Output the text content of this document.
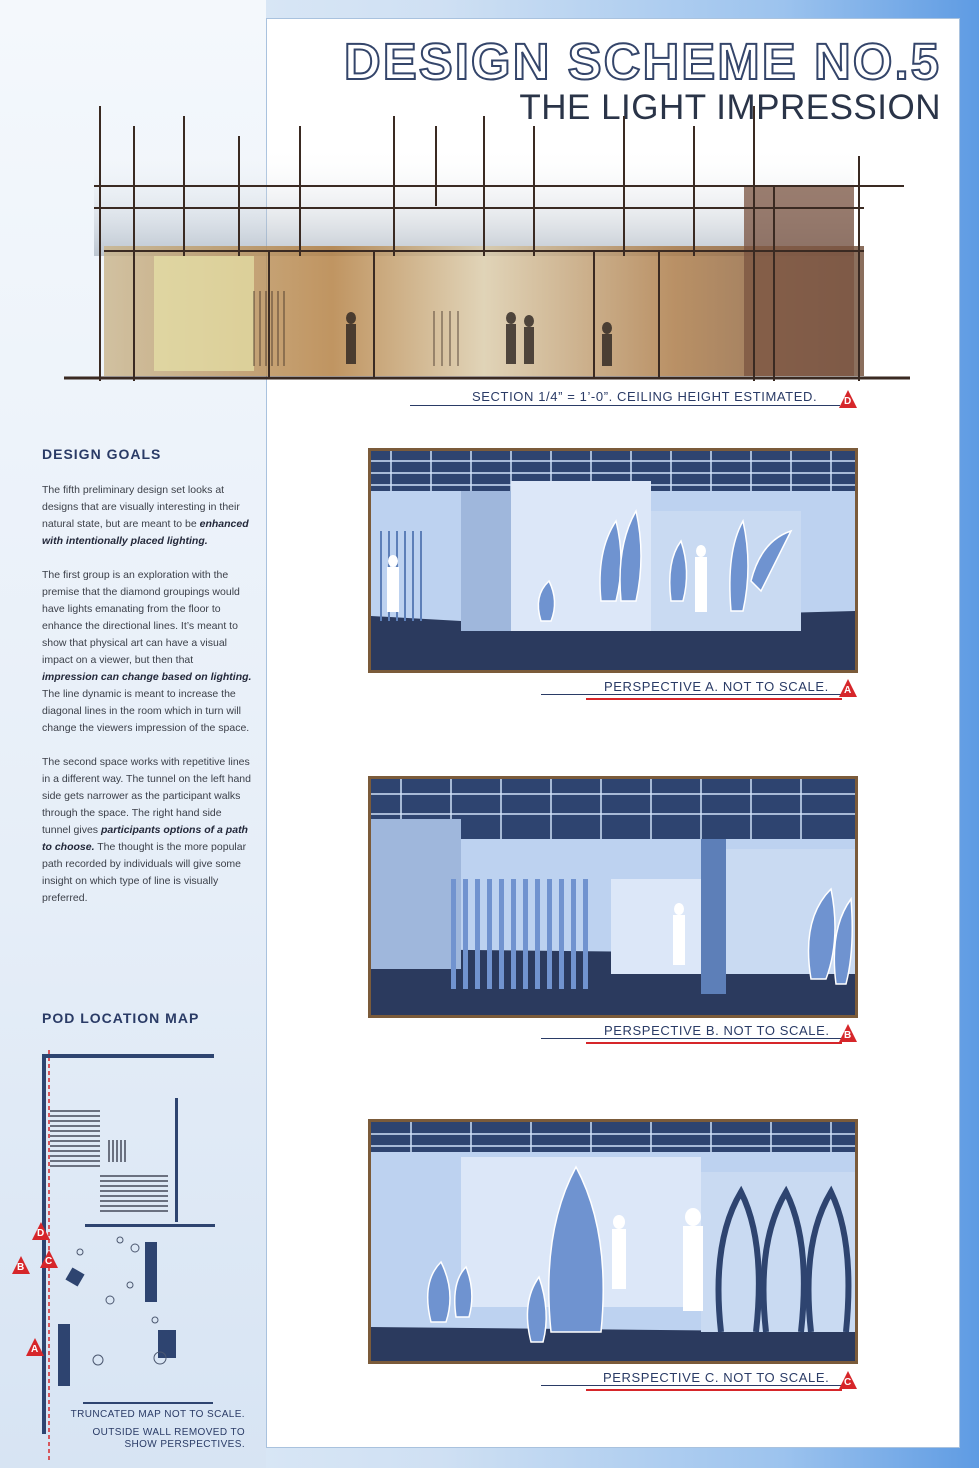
DESIGN SCHEME NO.5
THE LIGHT IMPRESSION
SECTION 1/4” = 1’-0”. CEILING HEIGHT ESTIMATED.	D
PERSPECTIVE A. NOT TO SCALE. A
PERSPECTIVE B. NOT TO SCALE. B
PERSPECTIVE C. NOT TO SCALE. C
DESIGN GOALS

The fifth preliminary design set looks at designs that are visually interesting in their natural state, but are meant to be enhanced with intentionally placed lighting.

The first group is an exploration with the premise that the diamond groupings would have lights emanating from the floor to enhance the directional lines. It’s meant to show that physical art can have a visual impact on a viewer, but then that impression can change based on lighting. The line dynamic is meant to increase the diagonal lines in the room which in turn will change the viewers impression of the space.

The second space works with repetitive lines in a different way. The tunnel on the left hand side gets narrower as the participant walks through the space. The right hand side tunnel gives participants options of a path to choose. The thought is the more popular path recorded by individuals will give some insight on which type of line is visually preferred.

POD LOCATION MAP
D
B
C
A
TRUNCATED MAP NOT TO SCALE.
OUTSIDE WALL REMOVED TO
SHOW PERSPECTIVES.
